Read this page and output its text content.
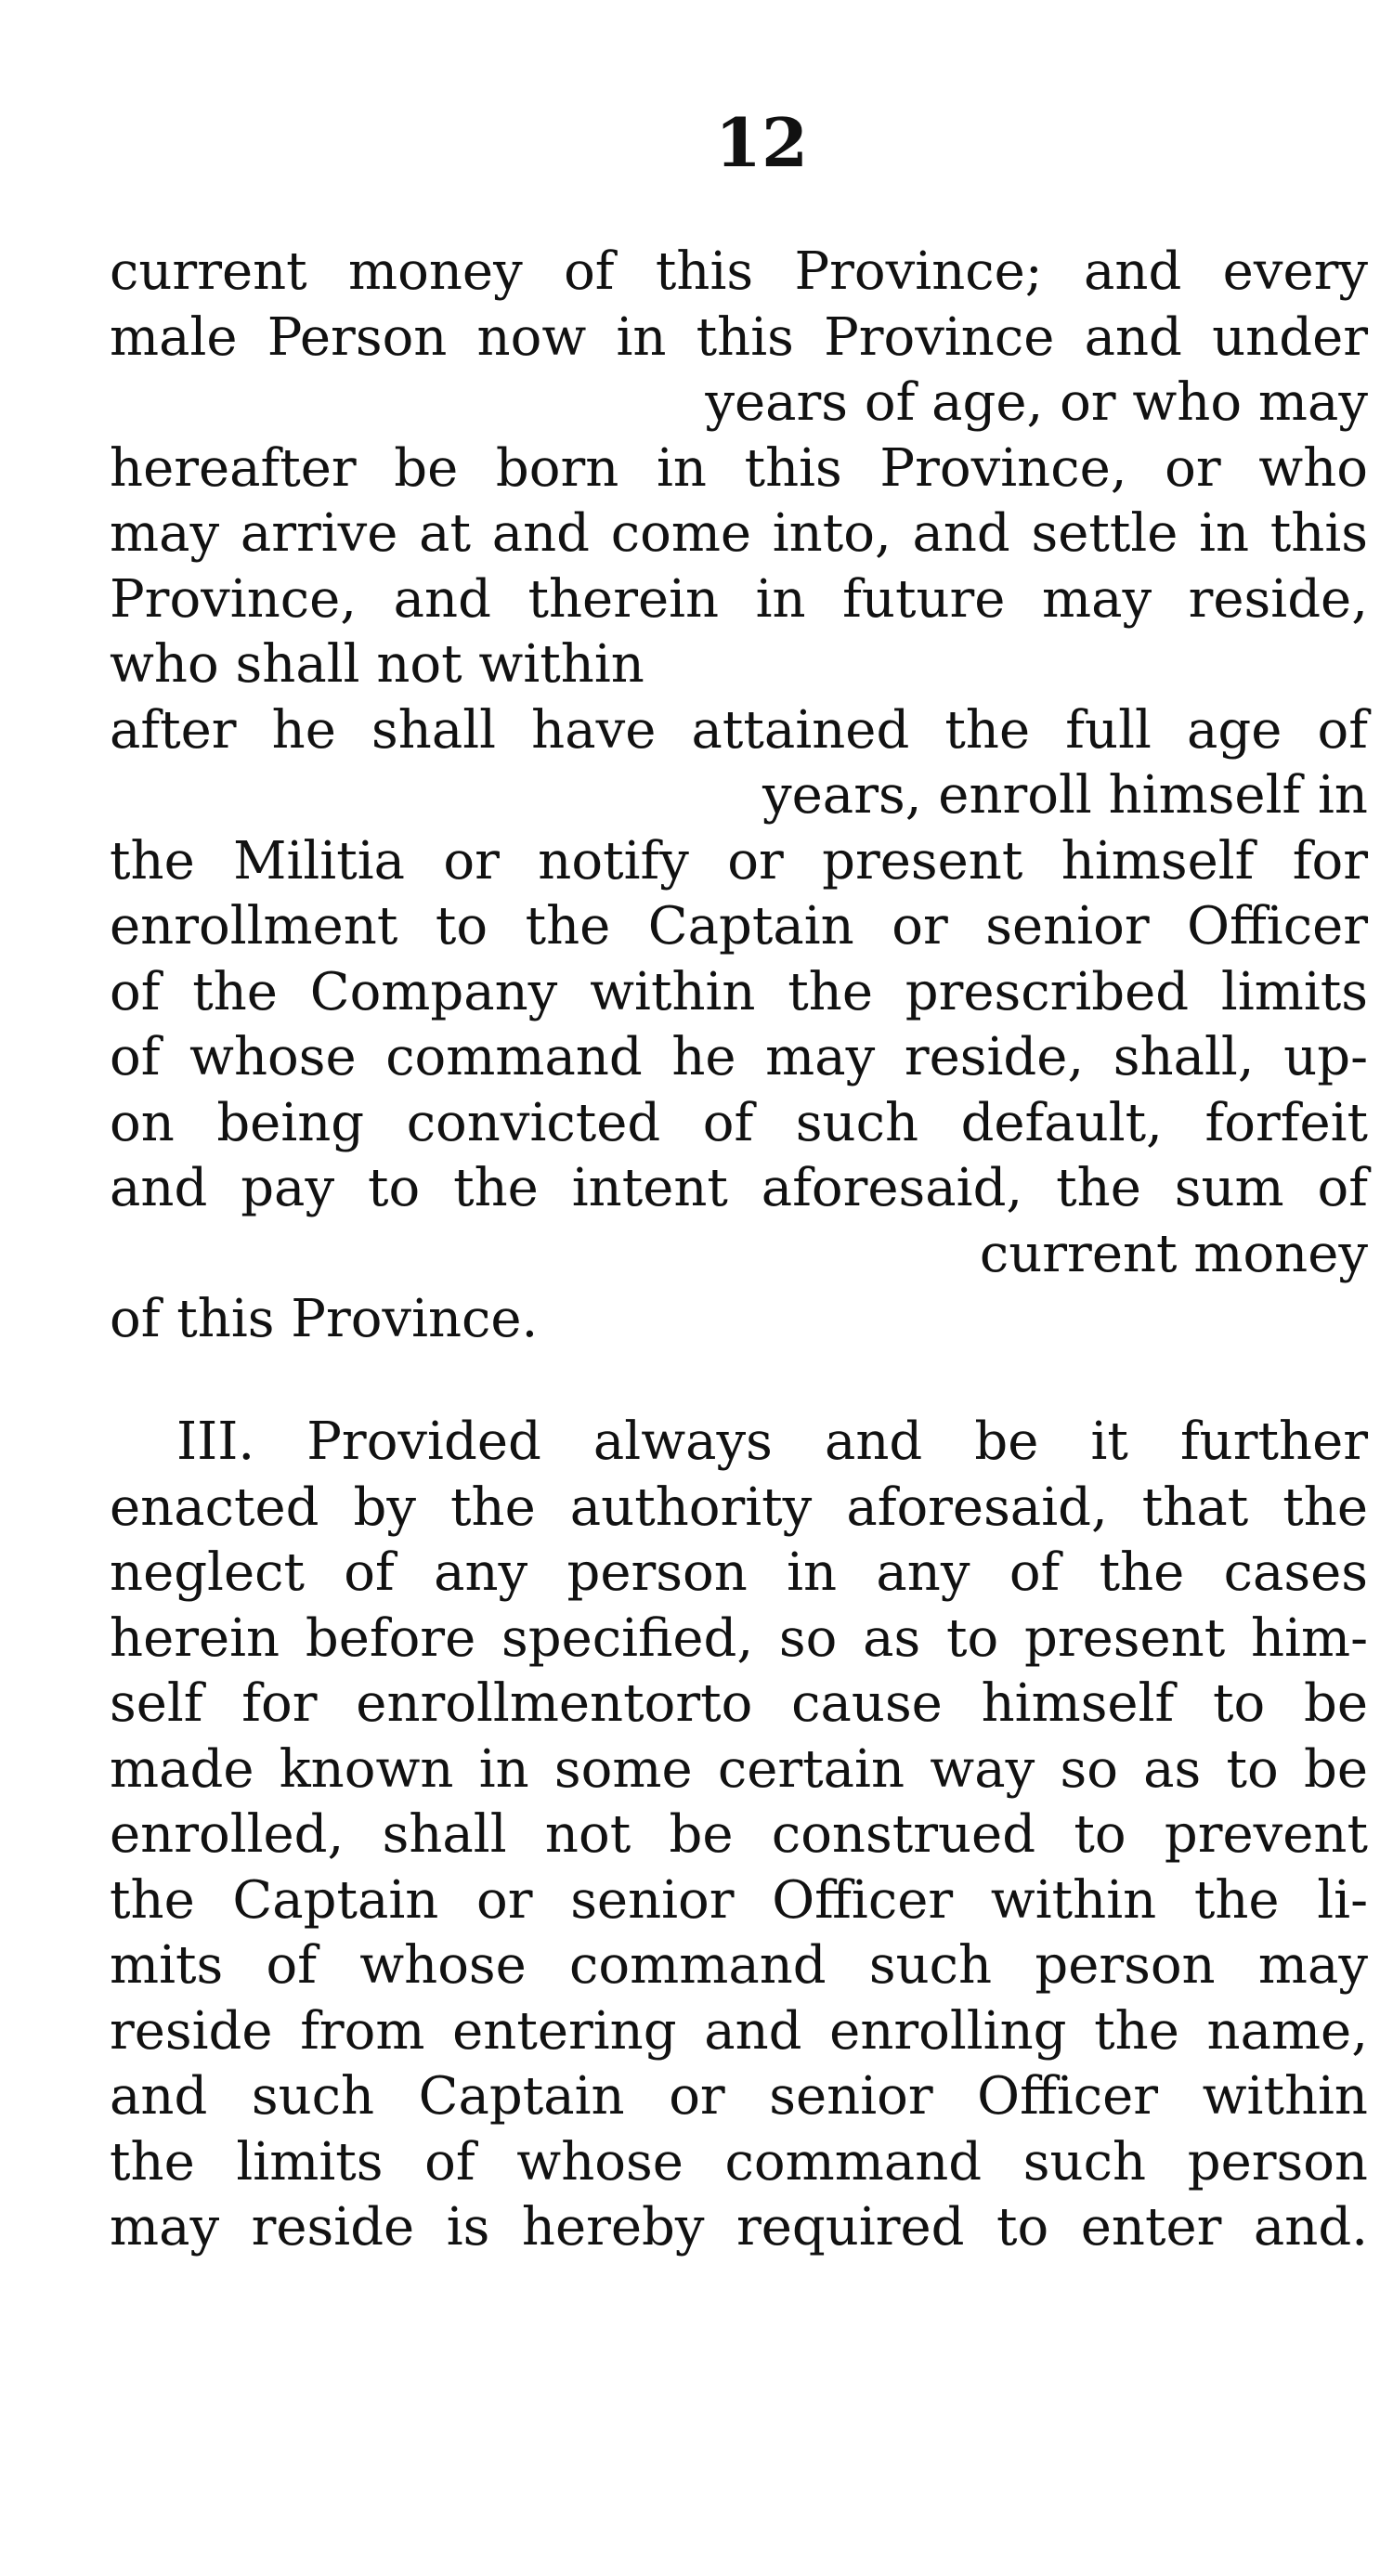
12
current money of this Province; and every
male Person now in this Province and under
years of age, or who may
hereafter be born in this Province, or who
may arrive at and come into, and settle in this
Province, and therein in future may reside,
who shall not within
after he shall have attained the full age of
years, enroll himself in
the Militia or notify or present himself for
enrollment to the Captain or senior Officer
of the Company within the prescribed limits
of whose command he may reside, shall, up-
on being convicted of such default, forfeit
and pay to the intent aforesaid, the sum of
current money
of this Province.
III. Provided always and be it further
enacted by the authority aforesaid, that the
neglect of any person in any of the cases
herein before specified, so as to present him-
self for enrollmentorto cause himself to be
made known in some certain way so as to be
enrolled, shall not be construed to prevent
the Captain or senior Officer within the li-
mits of whose command such person may
reside from entering and enrolling the name,
and such Captain or senior Officer within
the limits of whose command such person
may reside is hereby required to enter and.
